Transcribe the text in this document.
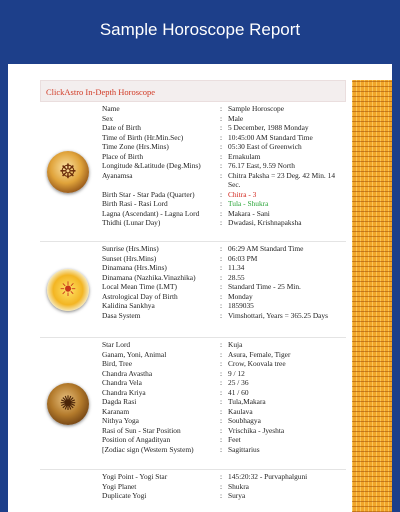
Sample Horoscope Report
ClickAstro In-Depth Horoscope
☸
Name	: Sample Horoscope
Sex	: Male
Date of Birth	: 5 December, 1988 Monday
Time of Birth (Hr.Min.Sec)	: 10:45:00 AM Standard Time
Time Zone (Hrs.Mins)	: 05:30 East of Greenwich
Place of Birth	: Ernakulam
Longitude &Latitude (Deg.Mins)	: 76.17 East, 9.59 North
Ayanamsa	: Chitra Paksha = 23 Deg. 42 Min. 14 Sec.
Birth Star - Star Pada (Quarter)	: Chitra - 3
Birth Rasi - Rasi Lord	: Tula - Shukra
Lagna (Ascendant) - Lagna Lord	: Makara - Sani
Thidhi (Lunar Day)	: Dwadasi, Krishnapaksha
☀
Sunrise (Hrs.Mins)	: 06:29 AM Standard Time
Sunset (Hrs.Mins)	: 06:03 PM
Dinamana (Hrs.Mins)	: 11.34
Dinamana (Nazhika.Vinazhika)	: 28.55
Local Mean Time (LMT)	: Standard Time - 25 Min.
Astrological Day of Birth	: Monday
Kalidina Sankhya	: 1859035
Dasa System	: Vimshottari, Years = 365.25 Days
✺
Star Lord	: Kuja
Ganam, Yoni, Animal	: Asura, Female, Tiger
Bird, Tree	: Crow, Koovala tree
Chandra Avastha	: 9 / 12
Chandra Vela	: 25 / 36
Chandra Kriya	: 41 / 60
Dagda Rasi	: Tula,Makara
Karanam	: Kaulava
Nithya Yoga	: Soubhagya
Rasi of Sun - Star Position	: Vrischika - Jyeshta
Position of Angadityan	: Feet
[Zodiac sign (Western System)	: Sagittarius
Yogi Point - Yogi Star	: 145:20:32 - Purvaphalguni
Yogi Planet	: Shukra
Duplicate Yogi	: Surya
